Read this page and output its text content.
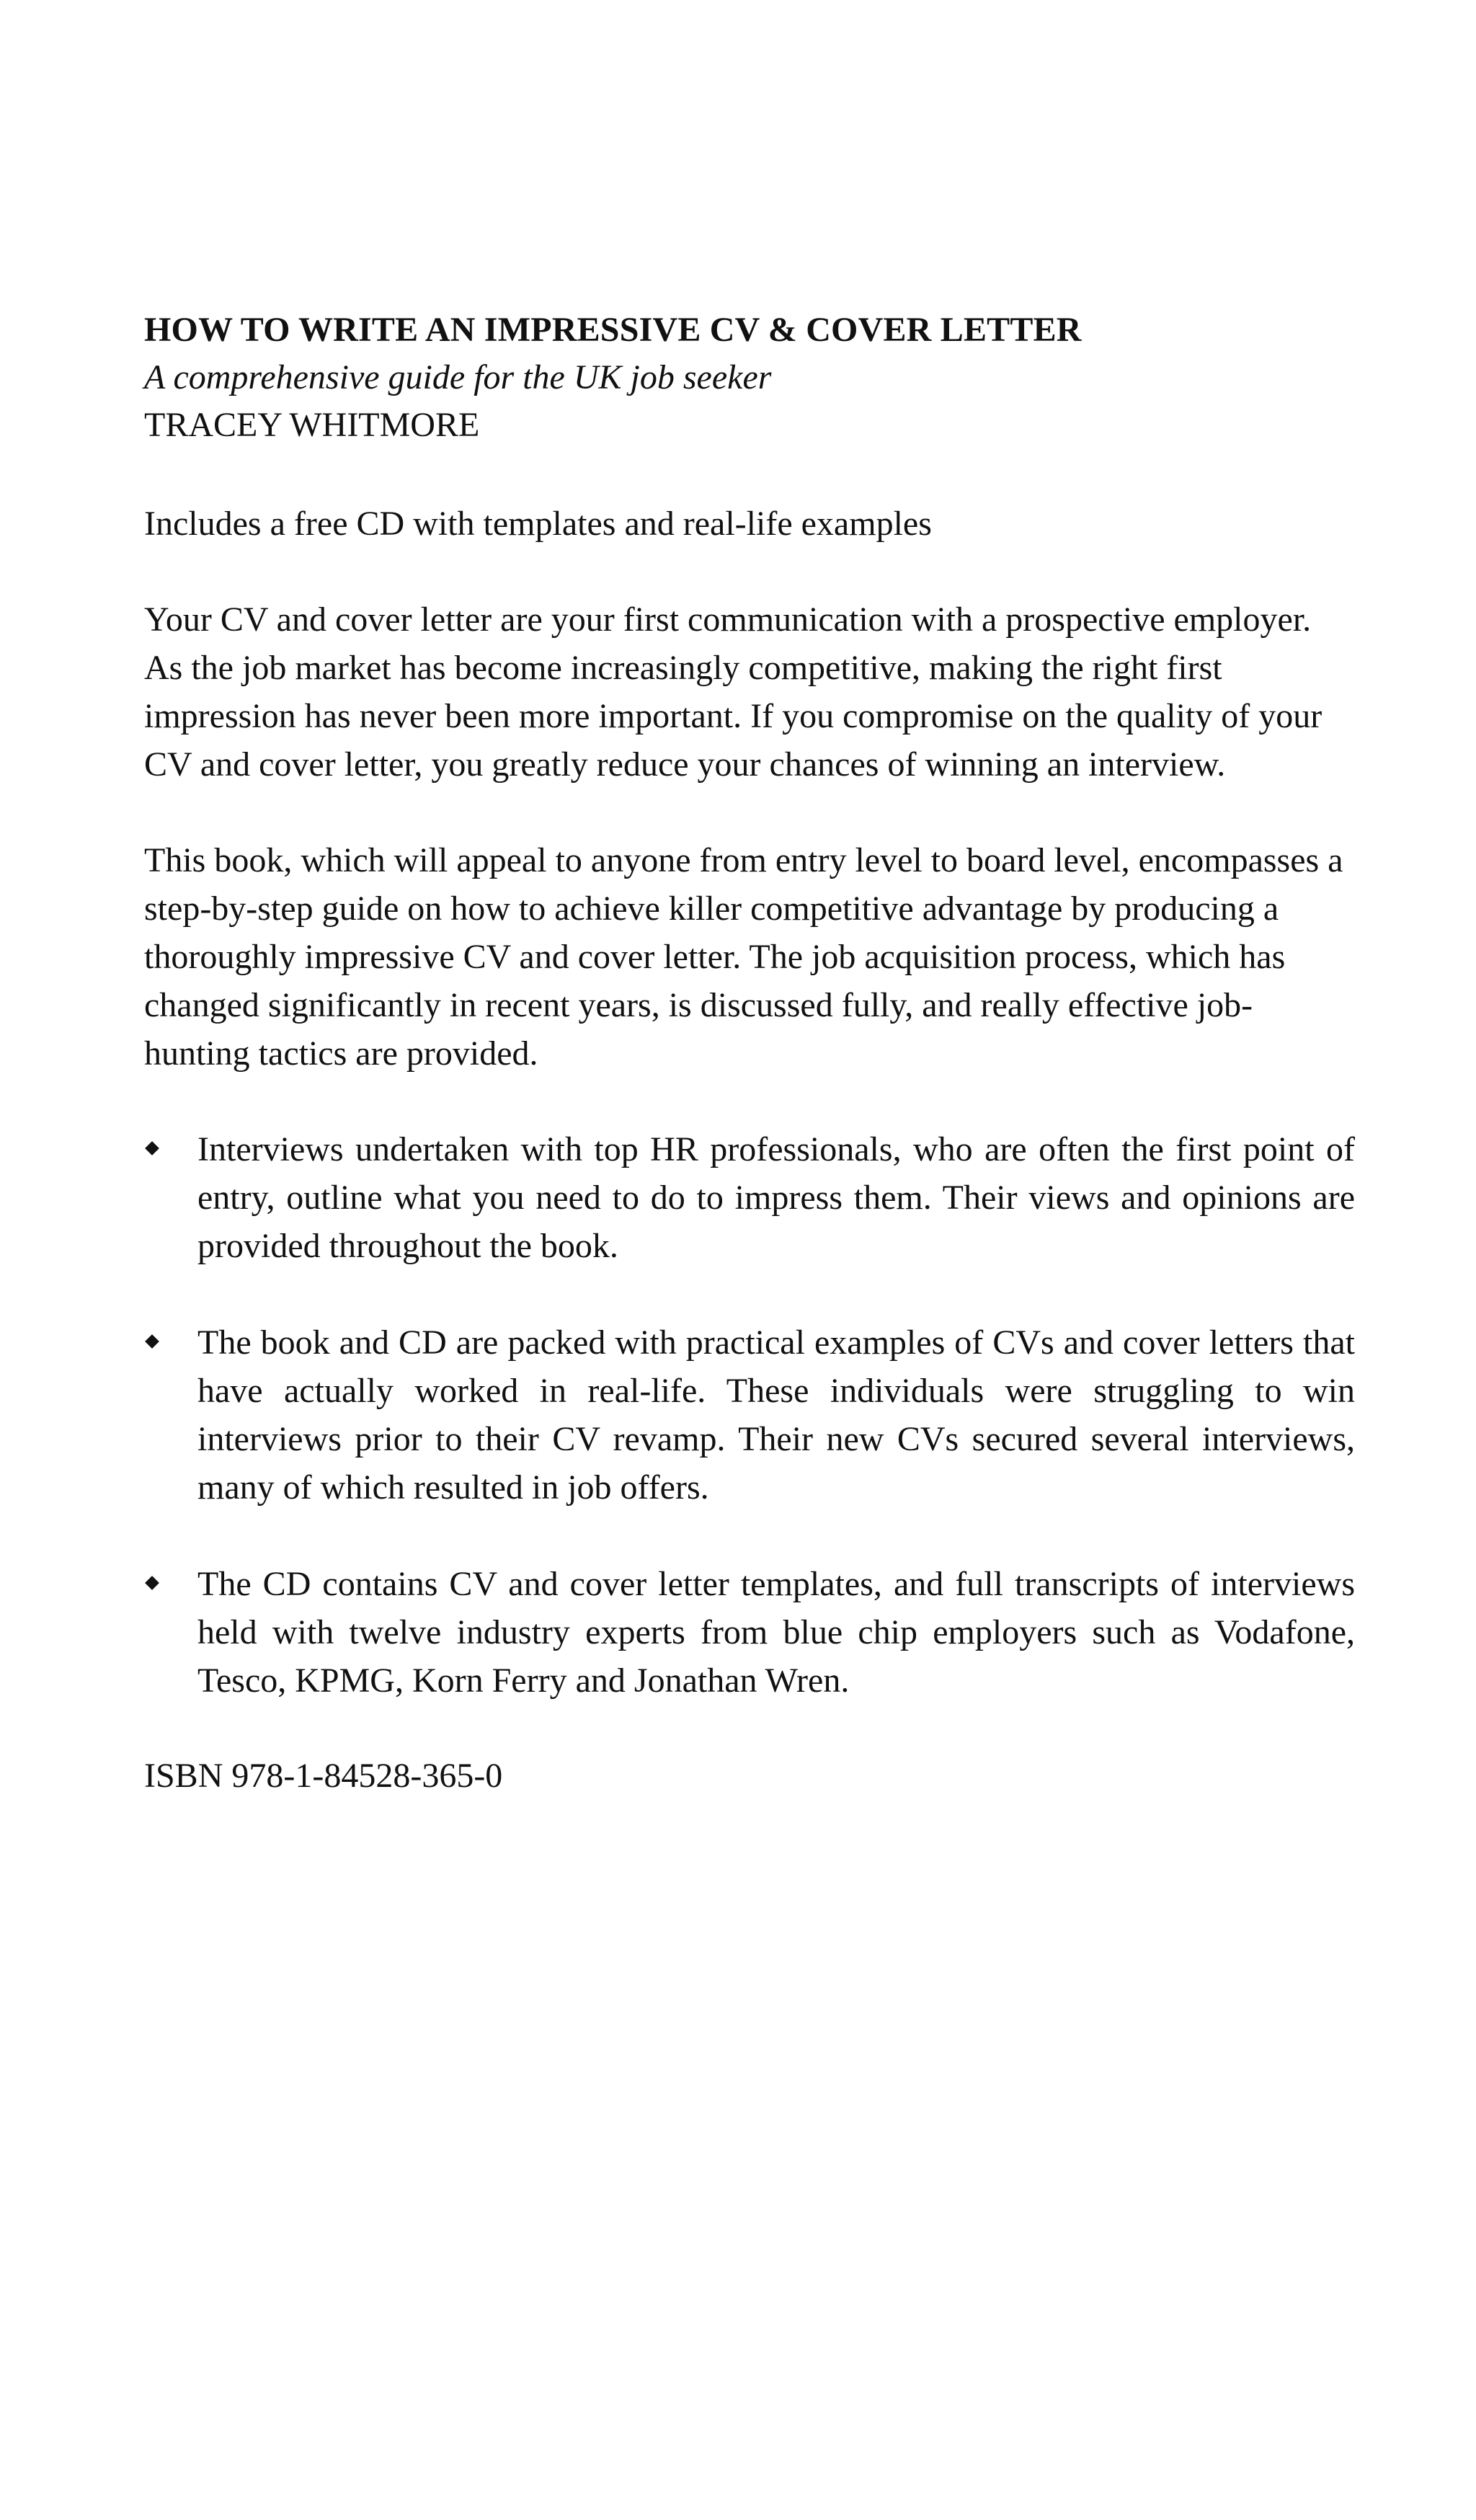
HOW TO WRITE AN IMPRESSIVE CV & COVER LETTER

A comprehensive guide for the UK job seeker

TRACEY WHITMORE

Includes a free CD with templates and real-life examples

Your CV and cover letter are your first communication with a prospective employer. As the job market has become increasingly competitive, making the right first impression has never been more important. If you compromise on the quality of your CV and cover letter, you greatly reduce your chances of winning an interview.

This book, which will appeal to anyone from entry level to board level, encompasses a step-by-step guide on how to achieve killer competitive advantage by producing a thoroughly impressive CV and cover letter. The job acquisition process, which has changed significantly in recent years, is discussed fully, and really effective job-hunting tactics are provided.

Interviews undertaken with top HR professionals, who are often the first point of entry, outline what you need to do to impress them. Their views and opinions are provided throughout the book.
The book and CD are packed with practical examples of CVs and cover letters that have actually worked in real-life. These individuals were struggling to win interviews prior to their CV revamp. Their new CVs secured several interviews, many of which resulted in job offers.
The CD contains CV and cover letter templates, and full transcripts of interviews held with twelve industry experts from blue chip employers such as Vodafone, Tesco, KPMG, Korn Ferry and Jonathan Wren.

ISBN 978-1-84528-365-0
